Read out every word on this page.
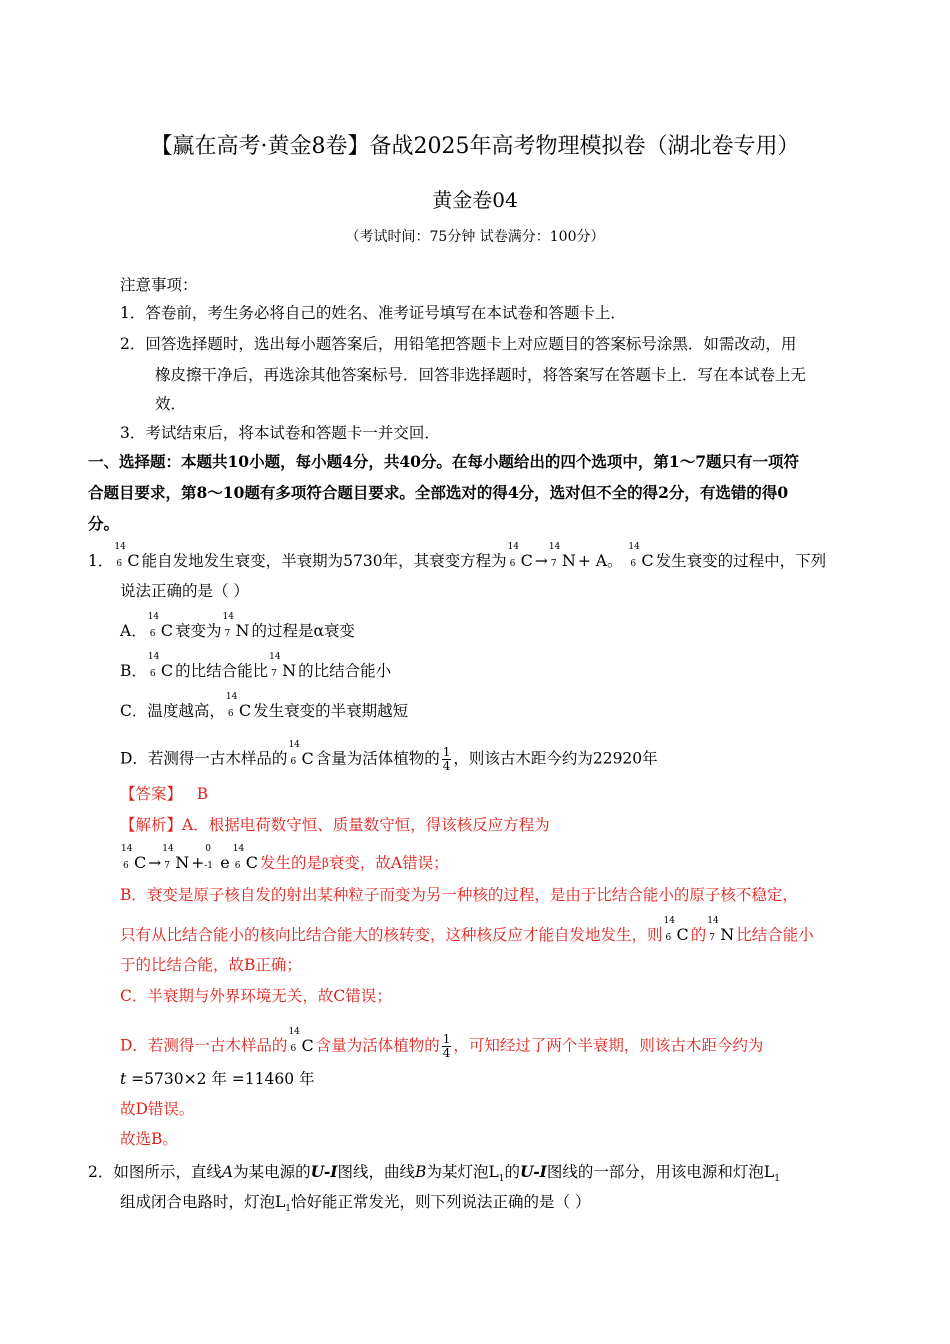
【赢在高考·黄金8卷】备战2025年高考物理模拟卷（湖北卷专用）
黄金卷04
（考试时间：75分钟 试卷满分：100分）
注意事项：
1．答卷前，考生务必将自己的姓名、准考证号填写在本试卷和答题卡上．
2．回答选择题时，选出每小题答案后，用铅笔把答题卡上对应题目的答案标号涂黑．如需改动，用
橡皮擦干净后，再选涂其他答案标号．回答非选择题时，将答案写在答题卡上．写在本试卷上无
效．
3．考试结束后，将本试卷和答题卡一并交回．
一、选择题：本题共10小题，每小题4分，共40分。在每小题给出的四个选项中，第1～7题只有一项符
合题目要求，第8～10题有多项符合题目要求。全部选对的得4分，选对但不全的得2分，有选错的得0
分。
1．
14
6 C 能自发地发生衰变，半衰期为5730年，其衰变方程为
14
6 C →
14
7 N + A。
14
6 C 发生衰变的过程中，下列
说法正确的是（ ）
A．
14
6 C 衰变为
14
7 N 的过程是α衰变
B．
14
6 C 的比结合能比
14
7 N 的比结合能小
C．温度越高，
14
6 C 发生衰变的半衰期越短
D．若测得一古木样品的
14
6 C 含量为活体植物的 $\frac{1}{4}$ ，则该古木距今约为22920年
【答案】 B
【解析】A．根据电荷数守恒、质量数守恒，得该核反应方程为
14
6 C →
14
7 N +
0
-1 e
14
6 C 发生的是$^\beta$衰变，故A错误；
B．衰变是原子核自发的射出某种粒子而变为另一种核的过程，是由于比结合能小的原子核不稳定，
只有从比结合能小的核向比结合能大的核转变，这种核反应才能自发地发生，则
14
6 C 的
14
7 N 比结合能小
于的比结合能，故B正确；
C．半衰期与外界环境无关，故C错误；
D．若测得一古木样品的
14
6 C 含量为活体植物的 $\frac{1}{4}$ ，可知经过了两个半衰期，则该古木距今约为
t =5730×2 年 =11460 年
故D错误。
故选B。
2．如图所示，直线A为某电源的U-I图线，曲线B为某灯泡$L_1$的U-I图线的一部分，用该电源和灯泡$L_1$
组成闭合电路时，灯泡$L_1$恰好能正常发光，则下列说法正确的是（ ）
